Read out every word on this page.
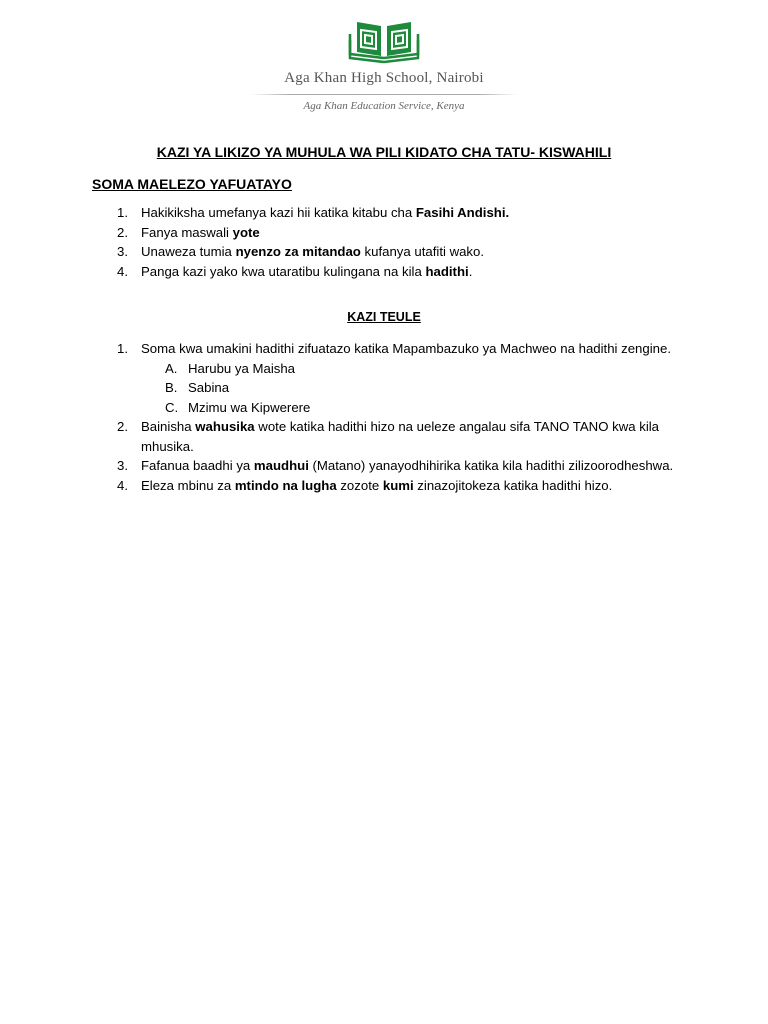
Aga Khan High School, Nairobi
Aga Khan Education Service, Kenya
KAZI YA LIKIZO YA MUHULA WA PILI KIDATO CHA TATU- KISWAHILI
SOMA MAELEZO YAFUATAYO
1. Hakikiksha umefanya kazi hii katika kitabu cha Fasihi Andishi.
2. Fanya maswali yote
3. Unaweza tumia nyenzo za mitandao kufanya utafiti wako.
4. Panga kazi yako kwa utaratibu kulingana na kila hadithi.
KAZI TEULE
1. Soma kwa umakini hadithi zifuatazo katika Mapambazuko ya Machweo na hadithi zengine.
A. Harubu ya Maisha
B. Sabina
C. Mzimu wa Kipwerere
2. Bainisha wahusika wote katika hadithi hizo na ueleze angalau sifa TANO TANO kwa kila mhusika.
3. Fafanua baadhi ya maudhui (Matano) yanayodhihirika katika kila hadithi zilizoorodheshwa.
4. Eleza mbinu za mtindo na lugha zozote kumi zinazojitokeza katika hadithi hizo.
